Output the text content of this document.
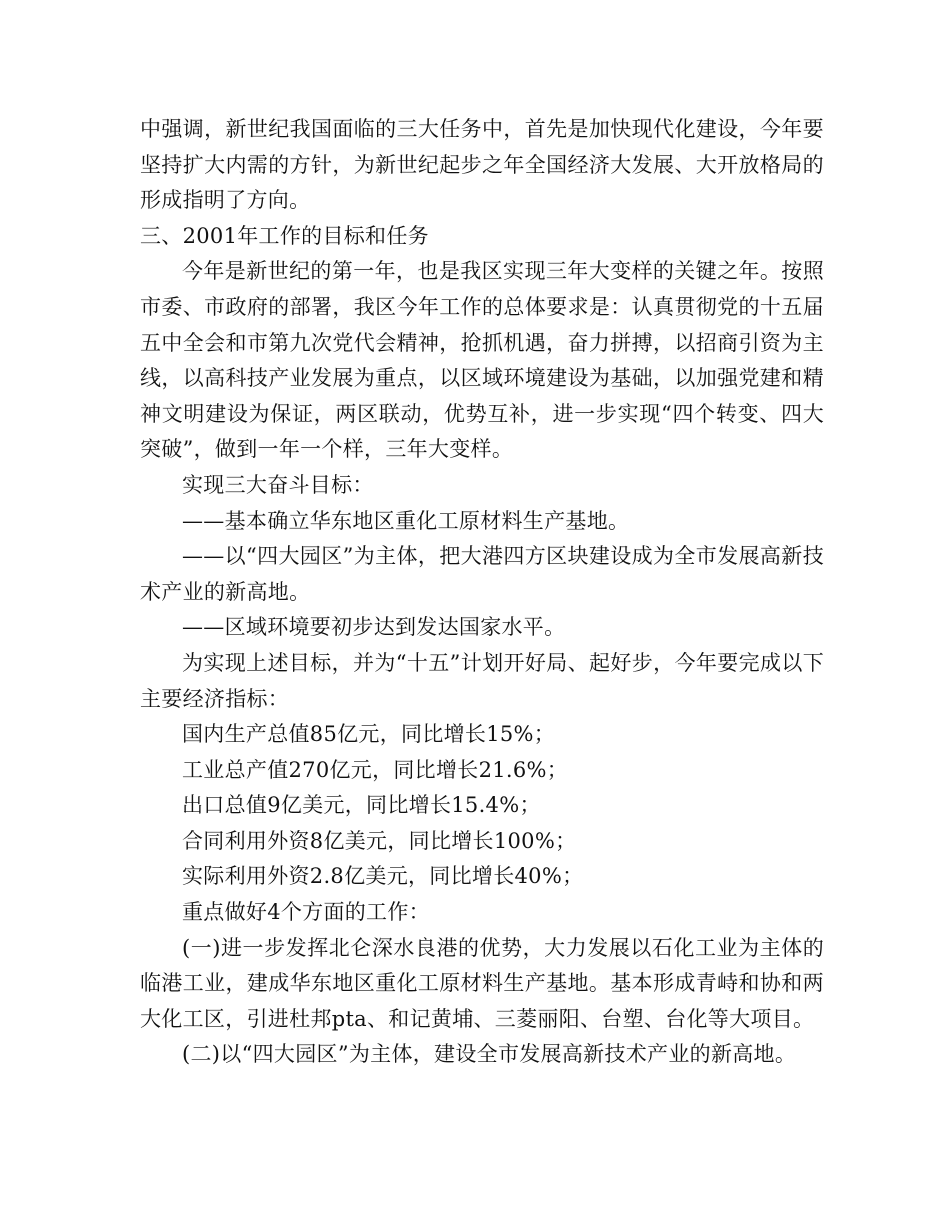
中强调，新世纪我国面临的三大任务中，首先是加快现代化建设，今年要坚持扩大内需的方针，为新世纪起步之年全国经济大发展、大开放格局的形成指明了方向。

三、2001年工作的目标和任务

今年是新世纪的第一年，也是我区实现三年大变样的关键之年。按照市委、市政府的部署，我区今年工作的总体要求是：认真贯彻党的十五届五中全会和市第九次党代会精神，抢抓机遇，奋力拼搏，以招商引资为主线，以高科技产业发展为重点，以区域环境建设为基础，以加强党建和精神文明建设为保证，两区联动，优势互补，进一步实现“四个转变、四大突破”，做到一年一个样，三年大变样。

实现三大奋斗目标：

——基本确立华东地区重化工原材料生产基地。

——以“四大园区”为主体，把大港四方区块建设成为全市发展高新技术产业的新高地。

——区域环境要初步达到发达国家水平。

为实现上述目标，并为“十五”计划开好局、起好步，今年要完成以下主要经济指标：

国内生产总值85亿元，同比增长15%；

工业总产值270亿元，同比增长21.6%；

出口总值9亿美元，同比增长15.4%；

合同利用外资8亿美元，同比增长100%；

实际利用外资2.8亿美元，同比增长40%；

重点做好4个方面的工作：

(一)进一步发挥北仑深水良港的优势，大力发展以石化工业为主体的临港工业，建成华东地区重化工原材料生产基地。基本形成青峙和协和两大化工区，引进杜邦pta、和记黄埔、三菱丽阳、台塑、台化等大项目。

(二)以“四大园区”为主体，建设全市发展高新技术产业的新高地。
